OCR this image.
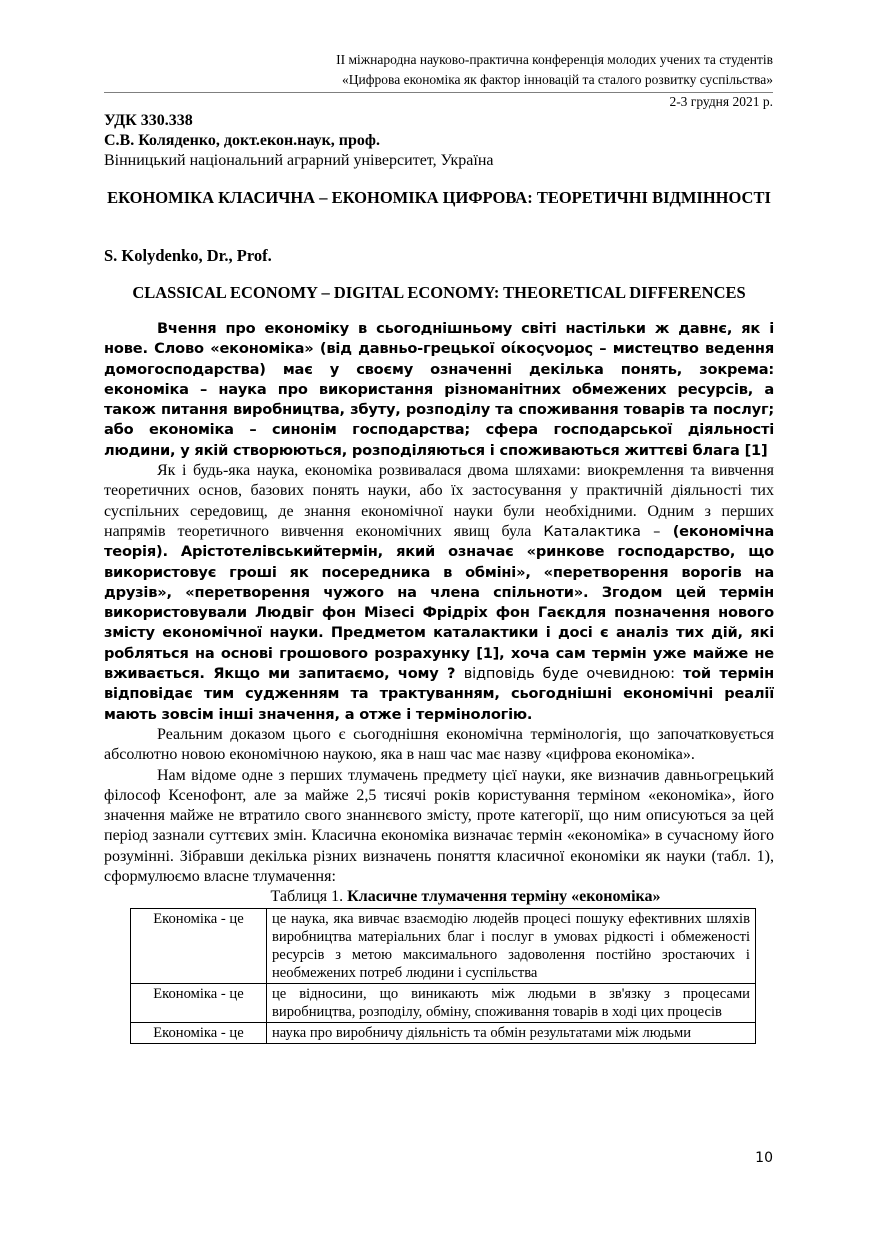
II міжнародна науково-практична конференція молодих учених та студентів
«Цифрова економіка як фактор інновацій та сталого розвитку суспільства»
2-3 грудня 2021 р.
УДК 330.338
С.В. Коляденко, докт.екон.наук, проф.
Вінницький національний аграрний університет, Україна
ЕКОНОМІКА КЛАСИЧНА – ЕКОНОМІКА ЦИФРОВА: ТЕОРЕТИЧНІ ВІДМІННОСТІ
S. Kolydenko, Dr., Prof.
CLASSICAL ECONOMY – DIGITAL ECONOMY: THEORETICAL DIFFERENCES

Вчення про економіку в сьогоднішньому світі настільки ж давнє, як і нове. Слово «економіка» (від давньо-грецької οίκοςνομος – мистецтво ведення домогосподарства) має у своєму означенні декілька понять, зокрема: економіка – наука про використання різноманітних обмежених ресурсів, а також питання виробництва, збуту, розподілу та споживання товарів та послуг; або економіка – синонім господарства; сфера господарської діяльності людини, у якій створюються, розподіляються і споживаються життєві блага [1]

Як і будь-яка наука, економіка розвивалася двома шляхами: виокремлення та вивчення теоретичних основ, базових понять науки, або їх застосування у практичній діяльності тих суспільних середовищ, де знання економічної науки були необхідними. Одним з перших напрямів теоретичного вивчення економічних явищ була Каталактика – (економічна теорія). Арістотелівськийтермін, який означає «ринкове господарство, що використовує гроші як посередника в обміні», «перетворення ворогів на друзів», «перетворення чужого на члена спільноти». Згодом цей термін використовували Людвіг фон Мізесі Фрідріх фон Гаєкдля позначення нового змісту економічної науки. Предметом каталактики і досі є аналіз тих дій, які робляться на основі грошового розрахунку [1], хоча сам термін уже майже не вживається. Якщо ми запитаємо, чому ? відповідь буде очевидною: той термін відповідає тим судженням та трактуванням, сьогоднішні економічні реалії мають зовсім інші значення, а отже і термінологію.

Реальним доказом цього є сьогоднішня економічна термінологія, що започатковується абсолютно новою економічною наукою, яка в наш час має назву «цифрова економіка».

Нам відоме одне з перших тлумачень предмету цієї науки, яке визначив давньогрецький філософ Ксенофонт, але за майже 2,5 тисячі років користування терміном «економіка», його значення майже не втратило свого знаннєвого змісту, проте категорії, що ним описуються за цей період зазнали суттєвих змін. Класична економіка визначає термін «економіка» в сучасному його розумінні. Зібравши декілька різних визначень поняття класичної економіки як науки (табл. 1), сформулюємо власне тлумачення:

Таблиця 1. Класичне тлумачення терміну «економіка»

Економіка - це	це наука, яка вивчає взаємодію людейв процесі пошуку ефективних шляхів виробництва матеріальних благ і послуг в умовах рідкості і обмеженості ресурсів з метою максимального задоволення постійно зростаючих і необмежених потреб людини і суспільства
Економіка - це	це відносини, що виникають між людьми в зв'язку з процесами виробництва, розподілу, обміну, споживання товарів в ході цих процесів
Економіка - це	наука про виробничу діяльність та обмін результатами між людьми
10
